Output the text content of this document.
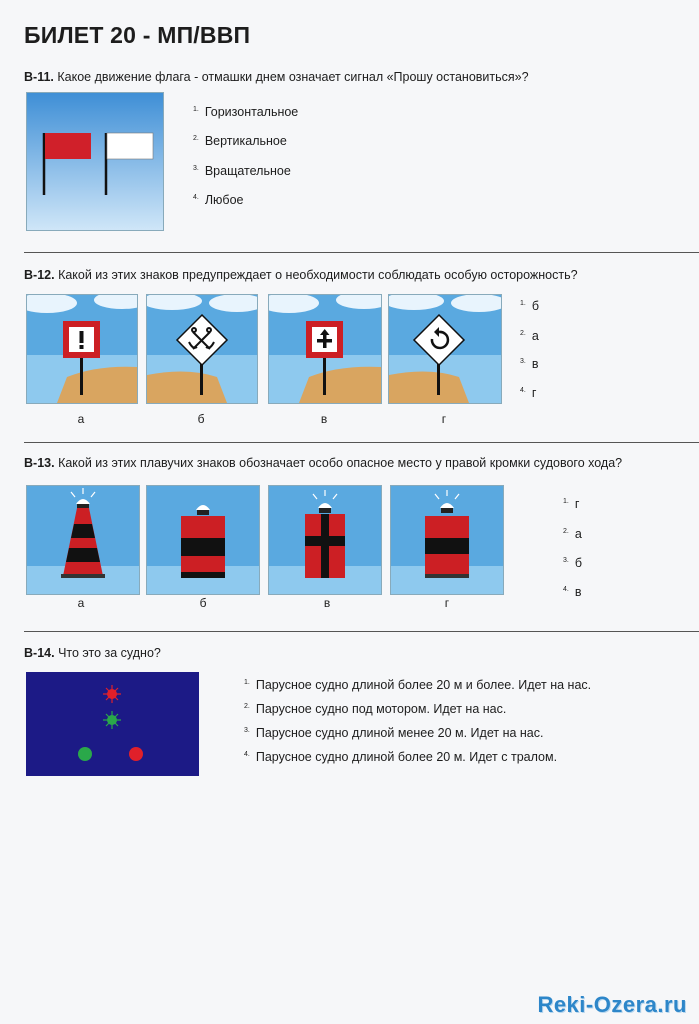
БИЛЕТ 20 - МП/ВВП
В-11. Какое движение флага - отмашки днем означает сигнал «Прошу остановиться»?
$^{1.}$ Горизонтальное
$^{2.}$ Вертикальное
$^{3.}$ Вращательное
$^{4.}$ Любое
В-12. Какой из этих знаков предупреждает о необходимости соблюдать особую осторожность?
а	б	в	г
$^{1.}$ б
$^{2.}$ а
$^{3.}$ в
$^{4.}$ г
В-13. Какой из этих плавучих знаков обозначает особо опасное место у правой кромки судового хода?
а	б	в	г
$^{1.}$ г
$^{2.}$ а
$^{3.}$ б
$^{4.}$ в
В-14. Что это за судно?
$^{1.}$ Парусное судно длиной более 20 м и более. Идет на нас.
$^{2.}$ Парусное судно под мотором. Идет на нас.
$^{3.}$ Парусное судно длиной менее 20 м. Идет на нас.
$^{4.}$ Парусное судно длиной более 20 м. Идет с тралом.
Reki-Ozera.ru
